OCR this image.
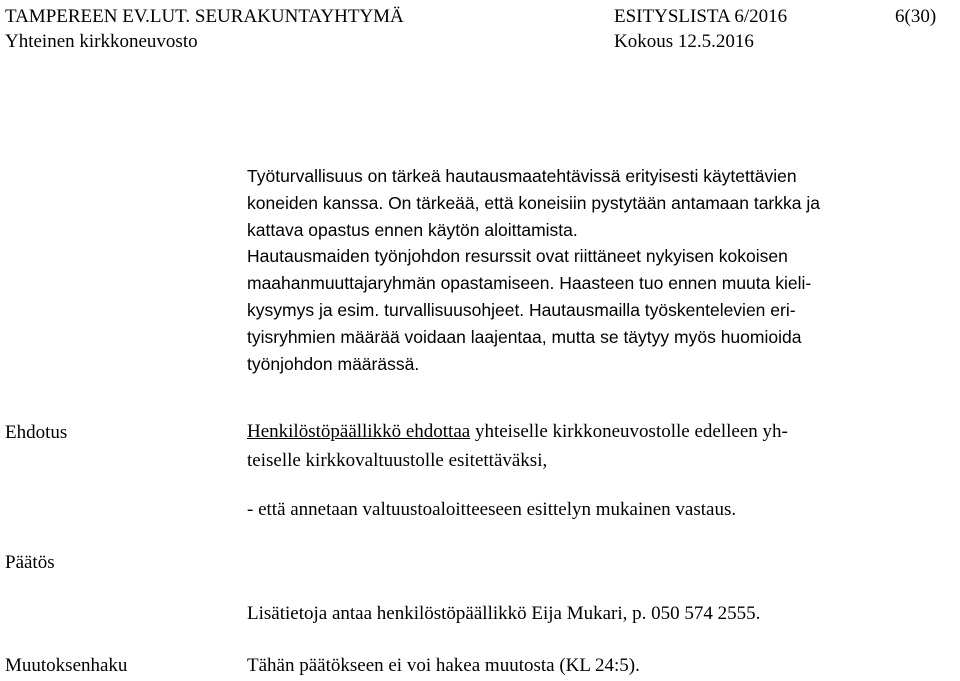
TAMPEREEN EV.LUT. SEURAKUNTAYHTYMÄ	ESITYSLISTA 6/2016	6(30)
Yhteinen kirkkoneuvosto	Kokous 12.5.2016
Työturvallisuus on tärkeä hautausmaatehtävissä erityisesti käytettävien
koneiden kanssa. On tärkeää, että koneisiin pystytään antamaan tarkka ja
kattava opastus ennen käytön aloittamista.
Hautausmaiden työnjohdon resurssit ovat riittäneet nykyisen kokoisen
maahanmuuttajaryhmän opastamiseen. Haasteen tuo ennen muuta kieli-
kysymys ja esim. turvallisuusohjeet. Hautausmailla työskentelevien eri-
tyisryhmien määrää voidaan laajentaa, mutta se täytyy myös huomioida
työnjohdon määrässä.
Ehdotus	Henkilöstöpäällikkö ehdottaa yhteiselle kirkkoneuvostolle edelleen yh-
teiselle kirkkovaltuustolle esitettäväksi,
- että annetaan valtuustoaloitteeseen esittelyn mukainen vastaus.
Päätös
Lisätietoja antaa henkilöstöpäällikkö Eija Mukari, p. 050 574 2555.
Muutoksenhaku	Tähän päätökseen ei voi hakea muutosta (KL 24:5).
